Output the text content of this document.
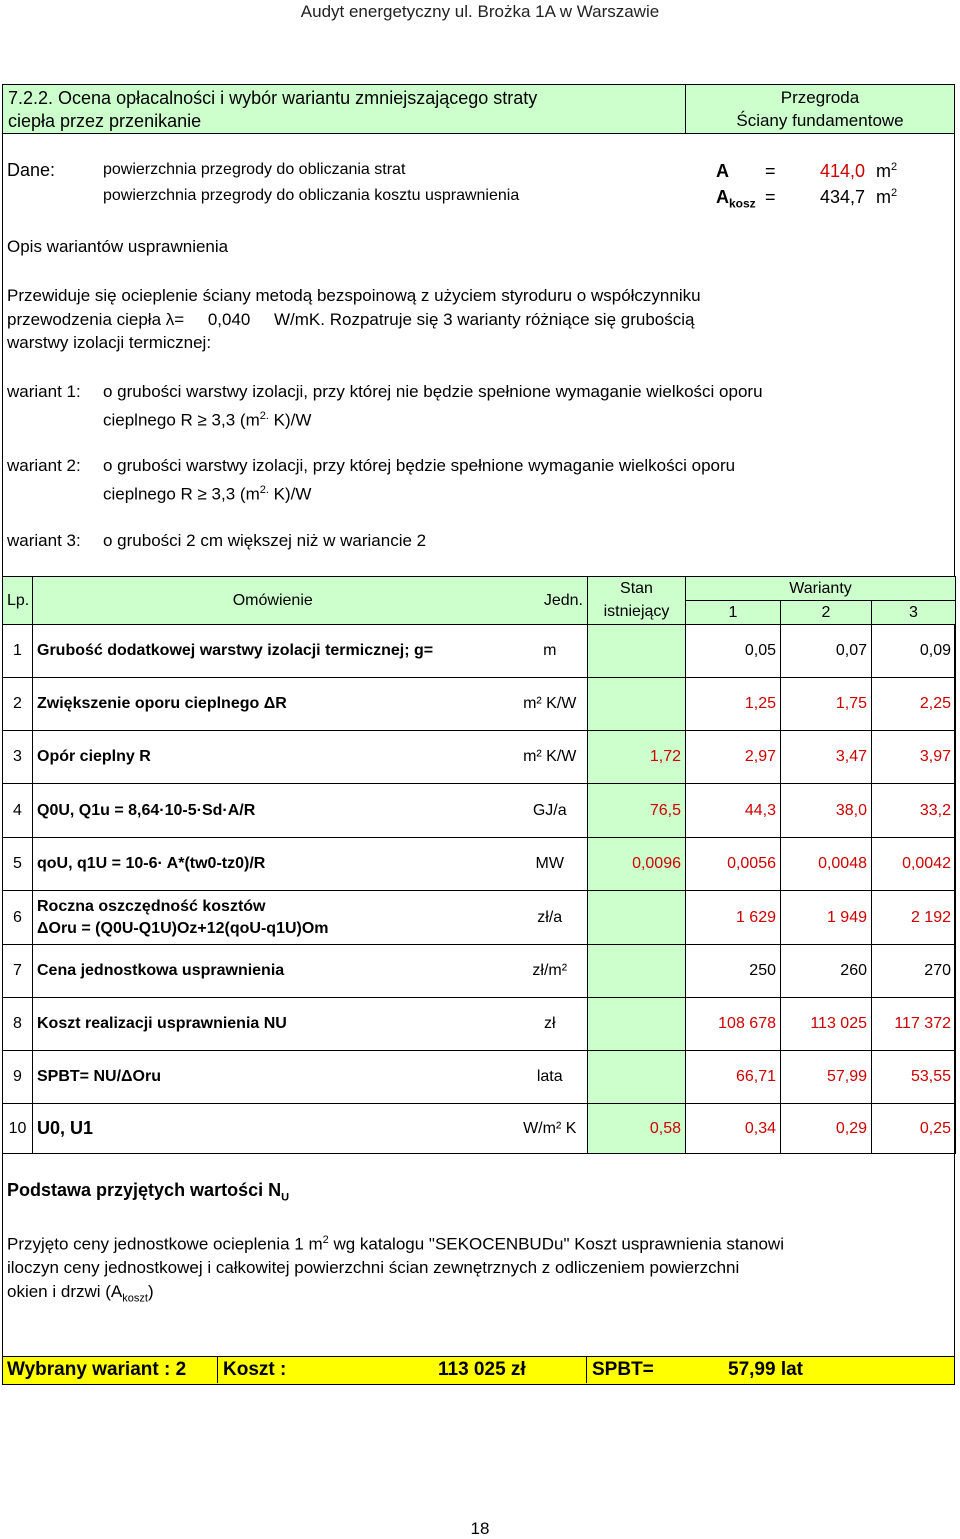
Audyt energetyczny ul. Brożka 1A w Warszawie
7.2.2. Ocena opłacalności i wybór wariantu zmniejszającego straty
ciepła przez przenikanie
Przegroda
Ściany fundamentowe
Dane:	powierzchnia przegrody do obliczania strat	A = 414,0 $m^2$
powierzchnia przegrody do obliczania kosztu usprawnienia	$A_{kosz} = 434,7$ $m^2$
Opis wariantów usprawnienia
Przewiduje się ocieplenie ściany metodą bezspoinową z użyciem styroduru o współczynniku
przewodzenia ciepła λ= 0,040 W/mK. Rozpatruje się 3 warianty różniące się grubością
warstwy izolacji termicznej:
wariant 1: o grubości warstwy izolacji, przy której nie będzie spełnione wymaganie wielkości oporu
cieplnego R ≥ 3,3 ($m^{2.}$ K)/W
wariant 2: o grubości warstwy izolacji, przy której będzie spełnione wymaganie wielkości oporu
cieplnego R ≥ 3,3 ($m^{2.}$ K)/W
wariant 3: o grubości 2 cm większej niż w wariancie 2
Lp.	Omówienie	Jedn.	Stan	Warianty		
			istniejący	1	2	3
1	Grubość dodatkowej warstwy izolacji termicznej; g=	m		0,05	0,07	0,09
2	Zwiększenie oporu cieplnego ΔR	m² K/W		1,25	1,75	2,25
3	Opór cieplny R	m² K/W	1,72	2,97	3,47	3,97
4	Q0U, Q1u = 8,64·10-5·Sd·A/R	GJ/a	76,5	44,3	38,0	33,2
5	qoU, q1U = 10-6· A*(tw0-tz0)/R	MW	0,0096	0,0056	0,0048	0,0042
6	Roczna oszczędność kosztów
ΔOru = (Q0U-Q1U)Oz+12(qoU-q1U)Om	zł/a		1 629	1 949	2 192
7	Cena jednostkowa usprawnienia	zł/m²		250	260	270
8	Koszt realizacji usprawnienia NU	zł		108 678	113 025	117 372
9	SPBT= NU/ΔOru	lata		66,71	57,99	53,55
10	U0, U1	W/m² K	0,58	0,34	0,29	0,25
Podstawa przyjętych wartości $N_U$
Przyjęto ceny jednostkowe ocieplenia 1 $m^2$ wg katalogu "SEKOCENBUDu" Koszt usprawnienia stanowi
iloczyn ceny jednostkowej i całkowitej powierzchni ścian zewnętrznych z odliczeniem powierzchni
okien i drzwi $(A_{koszt})$
Wybrany wariant : 2 Koszt :	113 025 zł	SPBT=	57,99 lat
18
